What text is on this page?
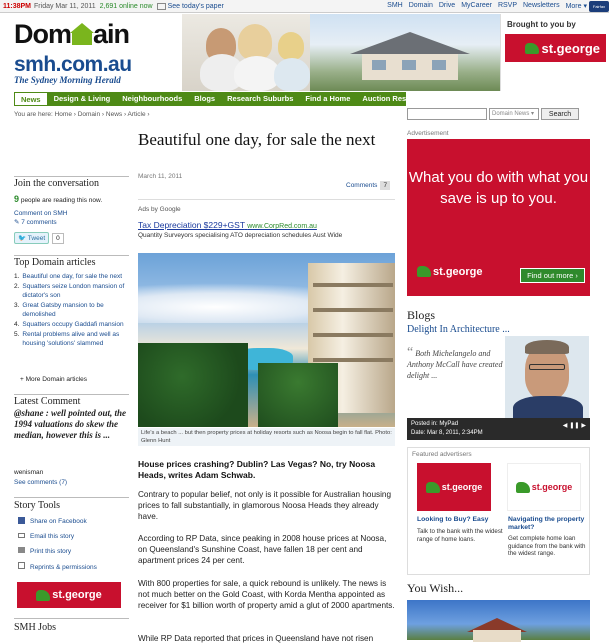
11:38PM Friday Mar 11, 2011 2,691 online now See today's paper	SMH Domain Drive MyCareer RSVP Newsletters More ▾	Fairfax
Dom ain
smh.com.au
The Sydney Morning Herald
Brought to you by
st.george
News	Design & Living	Neighbourhoods	Blogs	Research Suburbs	Find a Home	Auction Results
You are here: Home › Domain › News › Article ›	Domain News ▾	Search
Join the conversation
9 people are reading this now.
Comment on SMH
✎ 7 comments
🐦 Tweet	0
Top Domain articles
1. Beautiful one day, for sale the next
2. Squatters seize London mansion of dictator's son
3. Great Gatsby mansion to be demolished
4. Squatters occupy Gaddafi mansion
5. Rental problems alive and well as housing 'solutions' slammed
+ More Domain articles
Latest Comment
@shane : well pointed out, the 1994 valuations do skew the median, however this is ...
wenisman
See comments (7)
Story Tools
Share on Facebook
Email this story
Print this story
Reprints & permissions
st.george
SMH Jobs
Beautiful one day, for sale the next
March 11, 2011
Comments 7
Ads by Google
Tax Depreciation $229+GST www.CorpRed.com.au
Quantity Surveyors specialising ATO depreciation schedules Aust Wide
Life's a beach ... but then property prices at holiday resorts such as Noosa begin to fall flat. Photo: Glenn Hunt
House prices crashing? Dublin? Las Vegas? No, try Noosa Heads, writes Adam Schwab.

Contrary to popular belief, not only is it possible for Australian housing prices to fall substantially, in glamorous Noosa Heads they already have.

According to RP Data, since peaking in 2008 house prices at Noosa, on Queensland's Sunshine Coast, have fallen 18 per cent and apartment prices 24 per cent.

With 800 properties for sale, a quick rebound is unlikely. The news is not much better on the Gold Coast, with Korda Mentha appointed as receiver for $1 billion worth of property amid a glut of 2000 apartments.

While RP Data reported that prices in Queensland have not risen

Advertisement
What you do with what you save is up to you.
st.george	Find out more ›
Blogs
Delight In Architecture ...
“ Both Michelangelo and Anthony McCall have created delight ...
Posted in: MyPad
Date: Mar 8, 2011, 2:34PM
◀ ❚❚ ▶
Featured advertisers
st.george	st.george
Looking to Buy? Easy	Navigating the property market?
Talk to the bank with the widest range of home loans.	Get complete home loan guidance from the bank with the widest range.
You Wish...
